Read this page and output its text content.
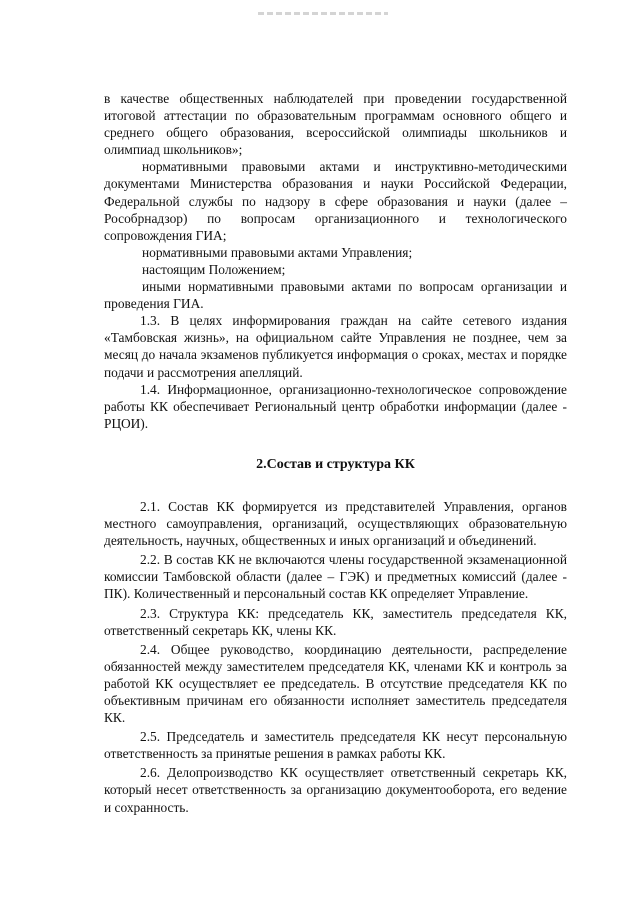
в качестве общественных наблюдателей при проведении государственной итоговой аттестации по образовательным программам основного общего и среднего общего образования, всероссийской олимпиады школьников и олимпиад школьников»;

нормативными правовыми актами и инструктивно-методическими документами Министерства образования и науки Российской Федерации, Федеральной службы по надзору в сфере образования и науки (далее – Рособрнадзор) по вопросам организационного и технологического сопровождения ГИА;

нормативными правовыми актами Управления;

настоящим Положением;

иными нормативными правовыми актами по вопросам организации и проведения ГИА.

1.3. В целях информирования граждан на сайте сетевого издания «Тамбовская жизнь», на официальном сайте Управления не позднее, чем за месяц до начала экзаменов публикуется информация о сроках, местах и порядке подачи и рассмотрения апелляций.

1.4. Информационное, организационно-технологическое сопровождение работы КК обеспечивает Региональный центр обработки информации (далее - РЦОИ).

2.Состав и структура КК

2.1. Состав КК формируется из представителей Управления, органов местного самоуправления, организаций, осуществляющих образовательную деятельность, научных, общественных и иных организаций и объединений.

2.2. В состав КК не включаются члены государственной экзаменационной комиссии Тамбовской области (далее – ГЭК) и предметных комиссий (далее - ПК). Количественный и персональный состав КК определяет Управление.

2.3. Структура КК: председатель КК, заместитель председателя КК, ответственный секретарь КК, члены КК.

2.4. Общее руководство, координацию деятельности, распределение обязанностей между заместителем председателя КК, членами КК и контроль за работой КК осуществляет ее председатель. В отсутствие председателя КК по объективным причинам его обязанности исполняет заместитель председателя КК.

2.5. Председатель и заместитель председателя КК несут персональную ответственность за принятые решения в рамках работы КК.

2.6. Делопроизводство КК осуществляет ответственный секретарь КК, который несет ответственность за организацию документооборота, его ведение и сохранность.
